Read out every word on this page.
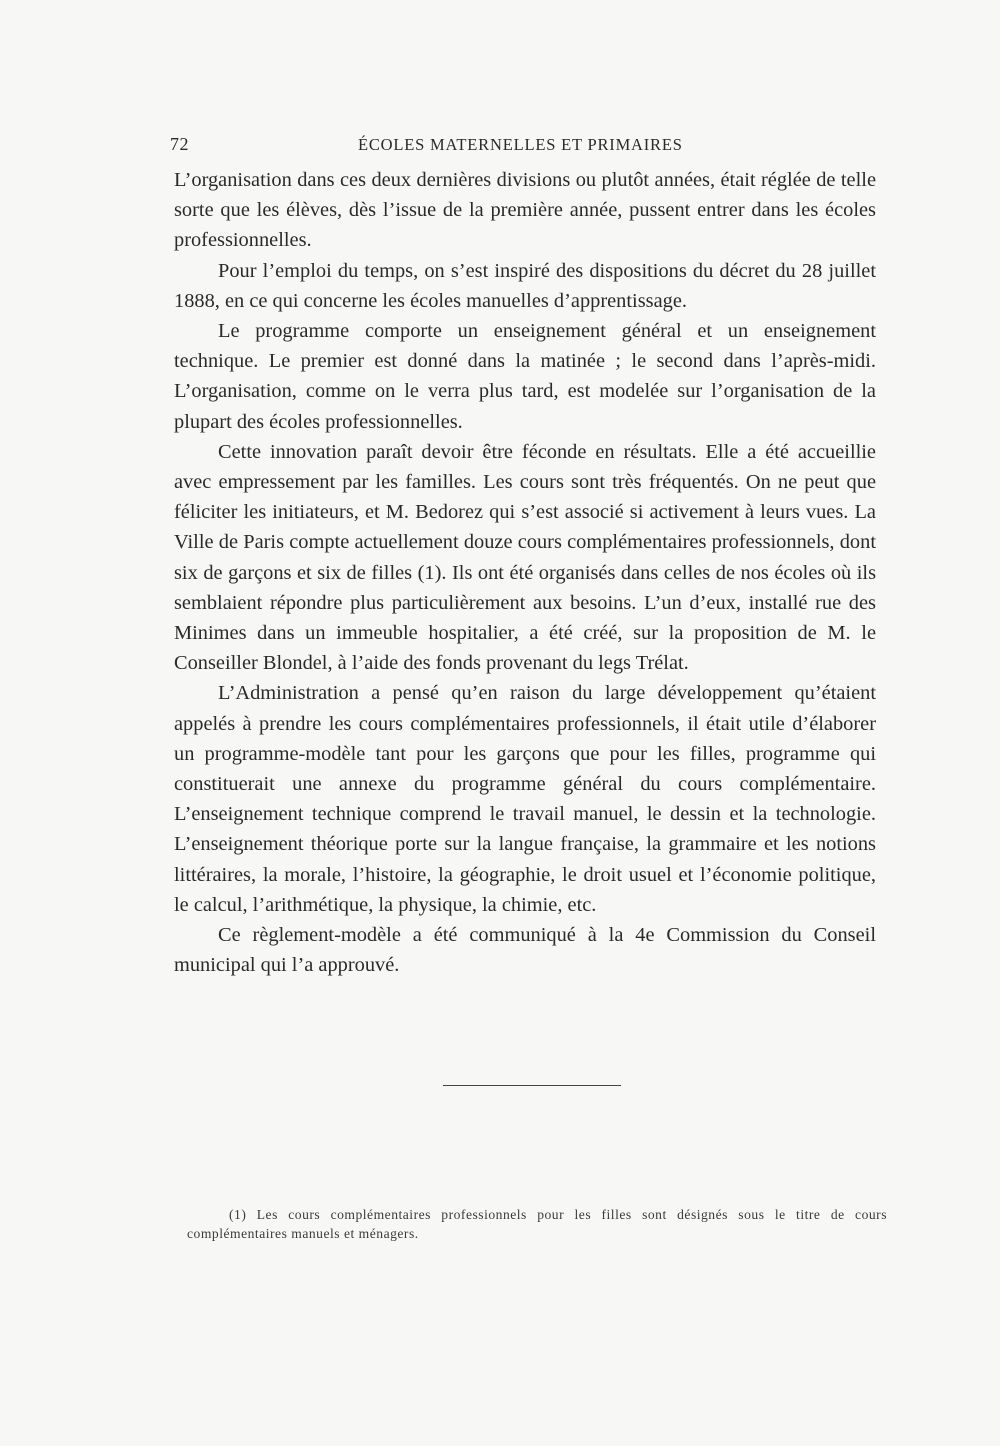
72	ÉCOLES MATERNELLES ET PRIMAIRES

L’organisation dans ces deux dernières divisions ou plutôt années, était réglée de telle sorte que les élèves, dès l’issue de la première année, pussent entrer dans les écoles professionnelles.

Pour l’emploi du temps, on s’est inspiré des dispositions du décret du 28 juillet 1888, en ce qui concerne les écoles manuelles d’apprentissage.

Le programme comporte un enseignement général et un enseignement technique. Le premier est donné dans la matinée ; le second dans l’après-midi. L’organisation, comme on le verra plus tard, est modelée sur l’organisation de la plupart des écoles professionnelles.

Cette innovation paraît devoir être féconde en résultats. Elle a été accueillie avec empressement par les familles. Les cours sont très fréquentés. On ne peut que féliciter les initiateurs, et M. Bedorez qui s’est associé si activement à leurs vues. La Ville de Paris compte actuellement douze cours complémentaires professionnels, dont six de garçons et six de filles (1). Ils ont été organisés dans celles de nos écoles où ils semblaient répondre plus particulièrement aux besoins. L’un d’eux, installé rue des Minimes dans un immeuble hospitalier, a été créé, sur la proposition de M. le Conseiller Blondel, à l’aide des fonds provenant du legs Trélat.

L’Administration a pensé qu’en raison du large développement qu’étaient appelés à prendre les cours complémentaires professionnels, il était utile d’élaborer un programme-modèle tant pour les garçons que pour les filles, programme qui constituerait une annexe du programme général du cours complémentaire. L’enseignement technique comprend le travail manuel, le dessin et la technologie. L’enseignement théorique porte sur la langue française, la grammaire et les notions littéraires, la morale, l’histoire, la géographie, le droit usuel et l’économie politique, le calcul, l’arithmétique, la physique, la chimie, etc.

Ce règlement-modèle a été communiqué à la 4e Commission du Conseil municipal qui l’a approuvé.

(1) Les cours complémentaires professionnels pour les filles sont désignés sous le titre de cours complémentaires manuels et ménagers.
